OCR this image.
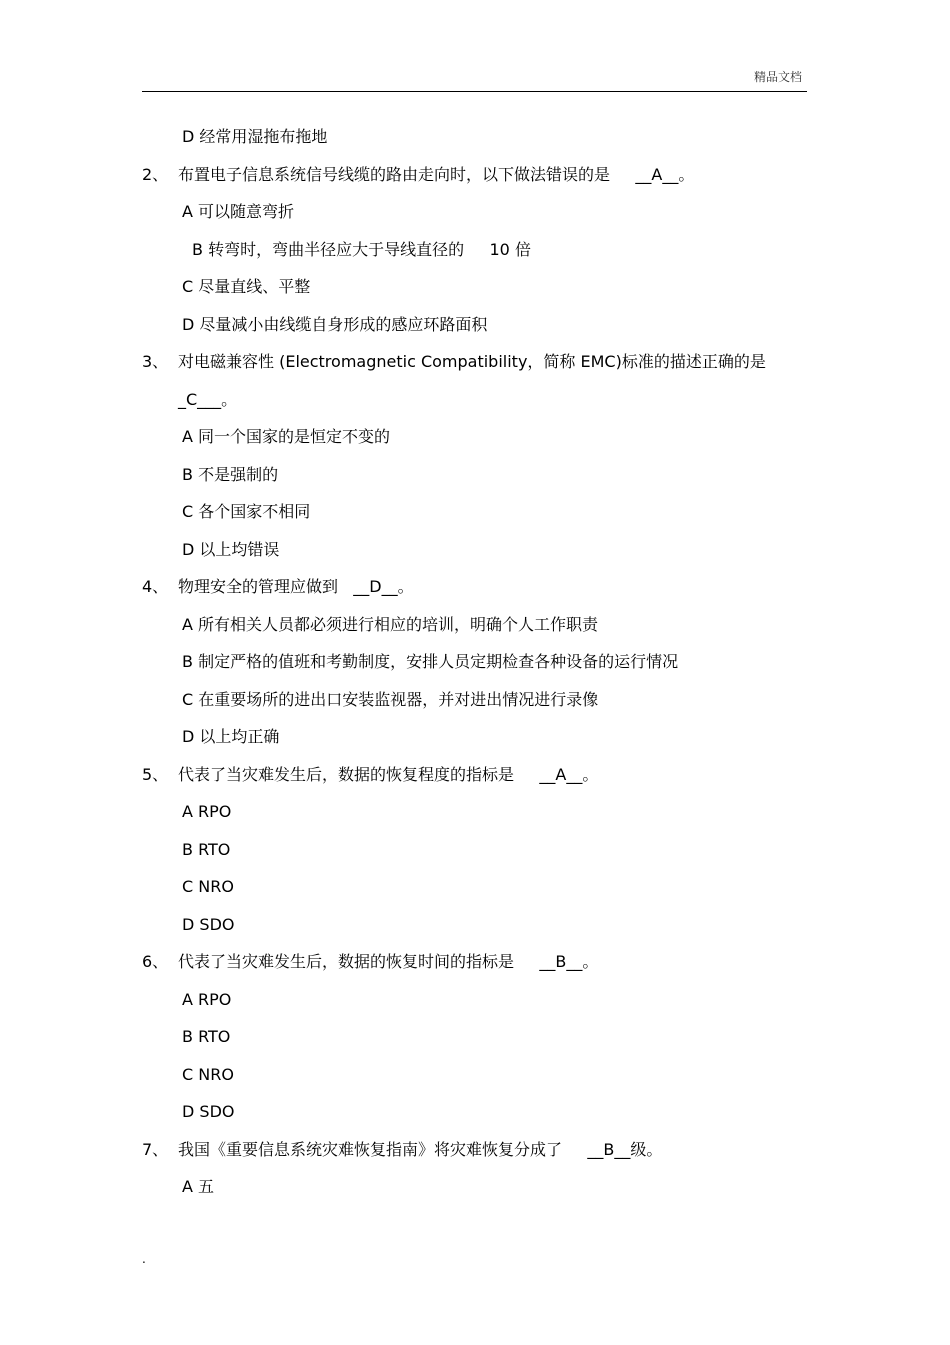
精品文档
D 经常用湿拖布拖地
2、 布置电子信息系统信号线缆的路由走向时，以下做法错误的是     __A__。
A 可以随意弯折
B 转弯时，弯曲半径应大于导线直径的     10 倍
C 尽量直线、平整
D 尽量减小由线缆自身形成的感应环路面积
3、 对电磁兼容性 (Electromagnetic Compatibility，简称 EMC)标准的描述正确的是
_C___。
A 同一个国家的是恒定不变的
B 不是强制的
C 各个国家不相同
D 以上均错误
4、 物理安全的管理应做到   __D__。
A 所有相关人员都必须进行相应的培训，明确个人工作职责
B 制定严格的值班和考勤制度，安排人员定期检查各种设备的运行情况
C 在重要场所的进出口安装监视器，并对进出情况进行录像
D 以上均正确
5、 代表了当灾难发生后，数据的恢复程度的指标是     __A__。
A RPO
B RTO
C NRO
D SDO
6、 代表了当灾难发生后，数据的恢复时间的指标是     __B__。
A RPO
B RTO
C NRO
D SDO
7、 我国《重要信息系统灾难恢复指南》将灾难恢复分成了     __B__级。
A 五
.
